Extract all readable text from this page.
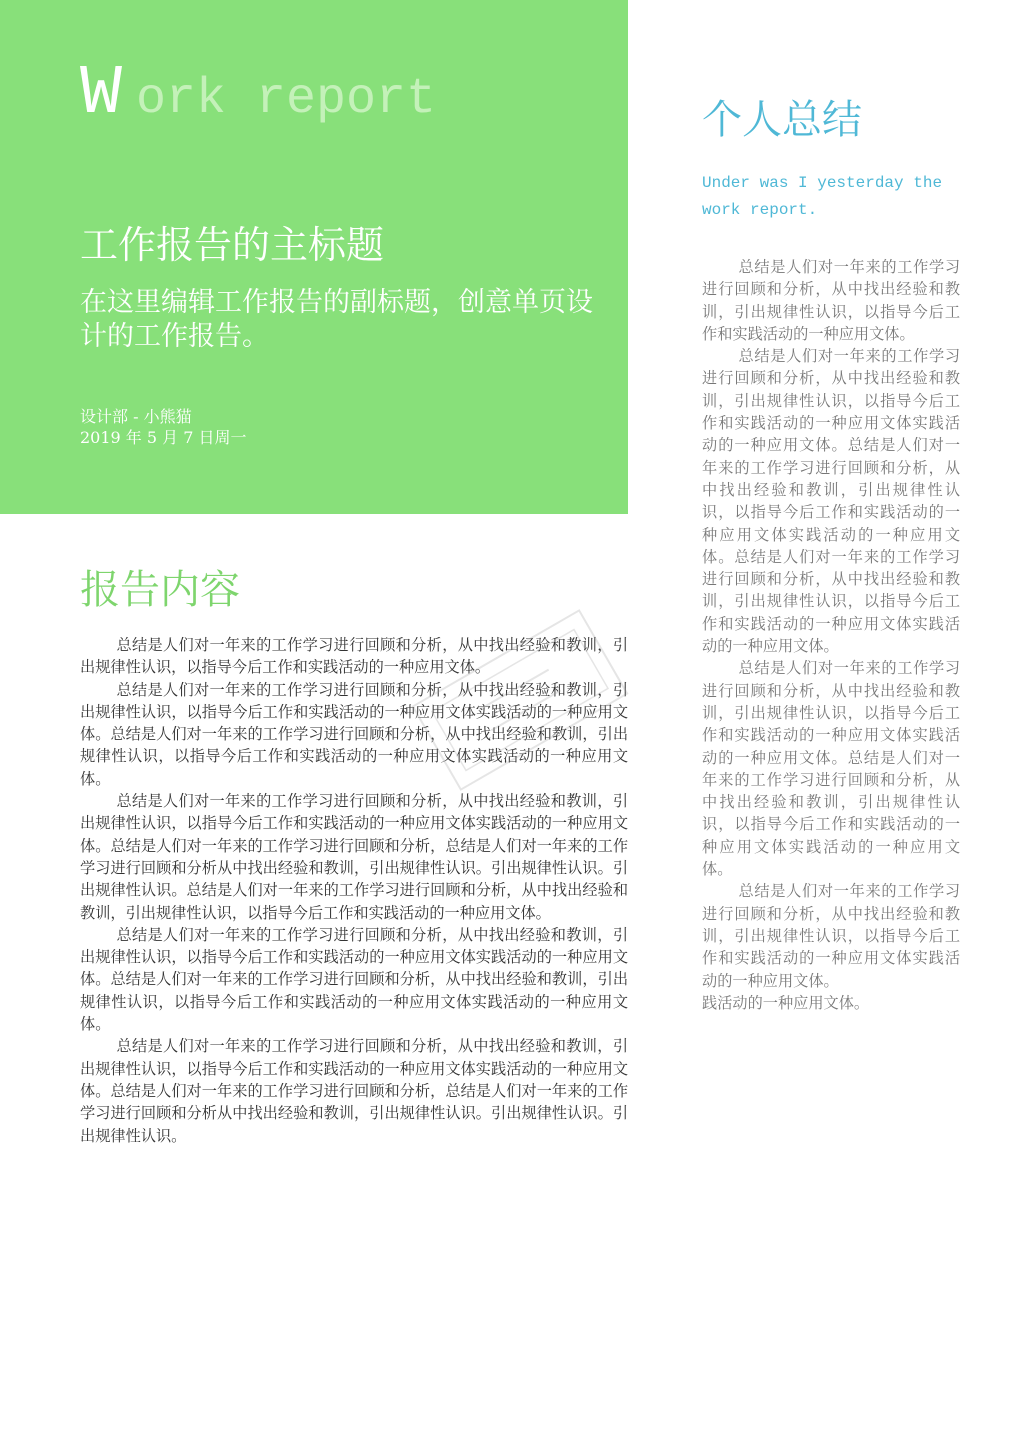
W ork report
工作报告的主标题

在这里编辑工作报告的副标题，创意单页设计的工作报告。

设计部 - 小熊猫
2019 年 5 月 7 日周一
报告内容

总结是人们对一年来的工作学习进行回顾和分析，从中找出经验和教训，引出规律性认识，以指导今后工作和实践活动的一种应用文体。

总结是人们对一年来的工作学习进行回顾和分析，从中找出经验和教训，引出规律性认识，以指导今后工作和实践活动的一种应用文体实践活动的一种应用文体。总结是人们对一年来的工作学习进行回顾和分析，从中找出经验和教训，引出规律性认识，以指导今后工作和实践活动的一种应用文体实践活动的一种应用文体。

总结是人们对一年来的工作学习进行回顾和分析，从中找出经验和教训，引出规律性认识，以指导今后工作和实践活动的一种应用文体实践活动的一种应用文体。总结是人们对一年来的工作学习进行回顾和分析，总结是人们对一年来的工作学习进行回顾和分析从中找出经验和教训，引出规律性认识。引出规律性认识。引出规律性认识。总结是人们对一年来的工作学习进行回顾和分析，从中找出经验和教训，引出规律性认识，以指导今后工作和实践活动的一种应用文体。

总结是人们对一年来的工作学习进行回顾和分析，从中找出经验和教训，引出规律性认识，以指导今后工作和实践活动的一种应用文体实践活动的一种应用文体。总结是人们对一年来的工作学习进行回顾和分析，从中找出经验和教训，引出规律性认识，以指导今后工作和实践活动的一种应用文体实践活动的一种应用文体。

总结是人们对一年来的工作学习进行回顾和分析，从中找出经验和教训，引出规律性认识，以指导今后工作和实践活动的一种应用文体实践活动的一种应用文体。总结是人们对一年来的工作学习进行回顾和分析，总结是人们对一年来的工作学习进行回顾和分析从中找出经验和教训，引出规律性认识。引出规律性认识。引出规律性认识。

个人总结

Under was I yesterday the work report.

总结是人们对一年来的工作学习进行回顾和分析，从中找出经验和教训，引出规律性认识，以指导今后工作和实践活动的一种应用文体。

总结是人们对一年来的工作学习进行回顾和分析，从中找出经验和教训，引出规律性认识，以指导今后工作和实践活动的一种应用文体实践活动的一种应用文体。总结是人们对一年来的工作学习进行回顾和分析，从中找出经验和教训，引出规律性认识，以指导今后工作和实践活动的一种应用文体实践活动的一种应用文体。总结是人们对一年来的工作学习进行回顾和分析，从中找出经验和教训，引出规律性认识，以指导今后工作和实践活动的一种应用文体实践活动的一种应用文体。

总结是人们对一年来的工作学习进行回顾和分析，从中找出经验和教训，引出规律性认识，以指导今后工作和实践活动的一种应用文体实践活动的一种应用文体。总结是人们对一年来的工作学习进行回顾和分析，从中找出经验和教训，引出规律性认识，以指导今后工作和实践活动的一种应用文体实践活动的一种应用文体。

总结是人们对一年来的工作学习进行回顾和分析，从中找出经验和教训，引出规律性认识，以指导今后工作和实践活动的一种应用文体实践活动的一种应用文体。

践活动的一种应用文体。
